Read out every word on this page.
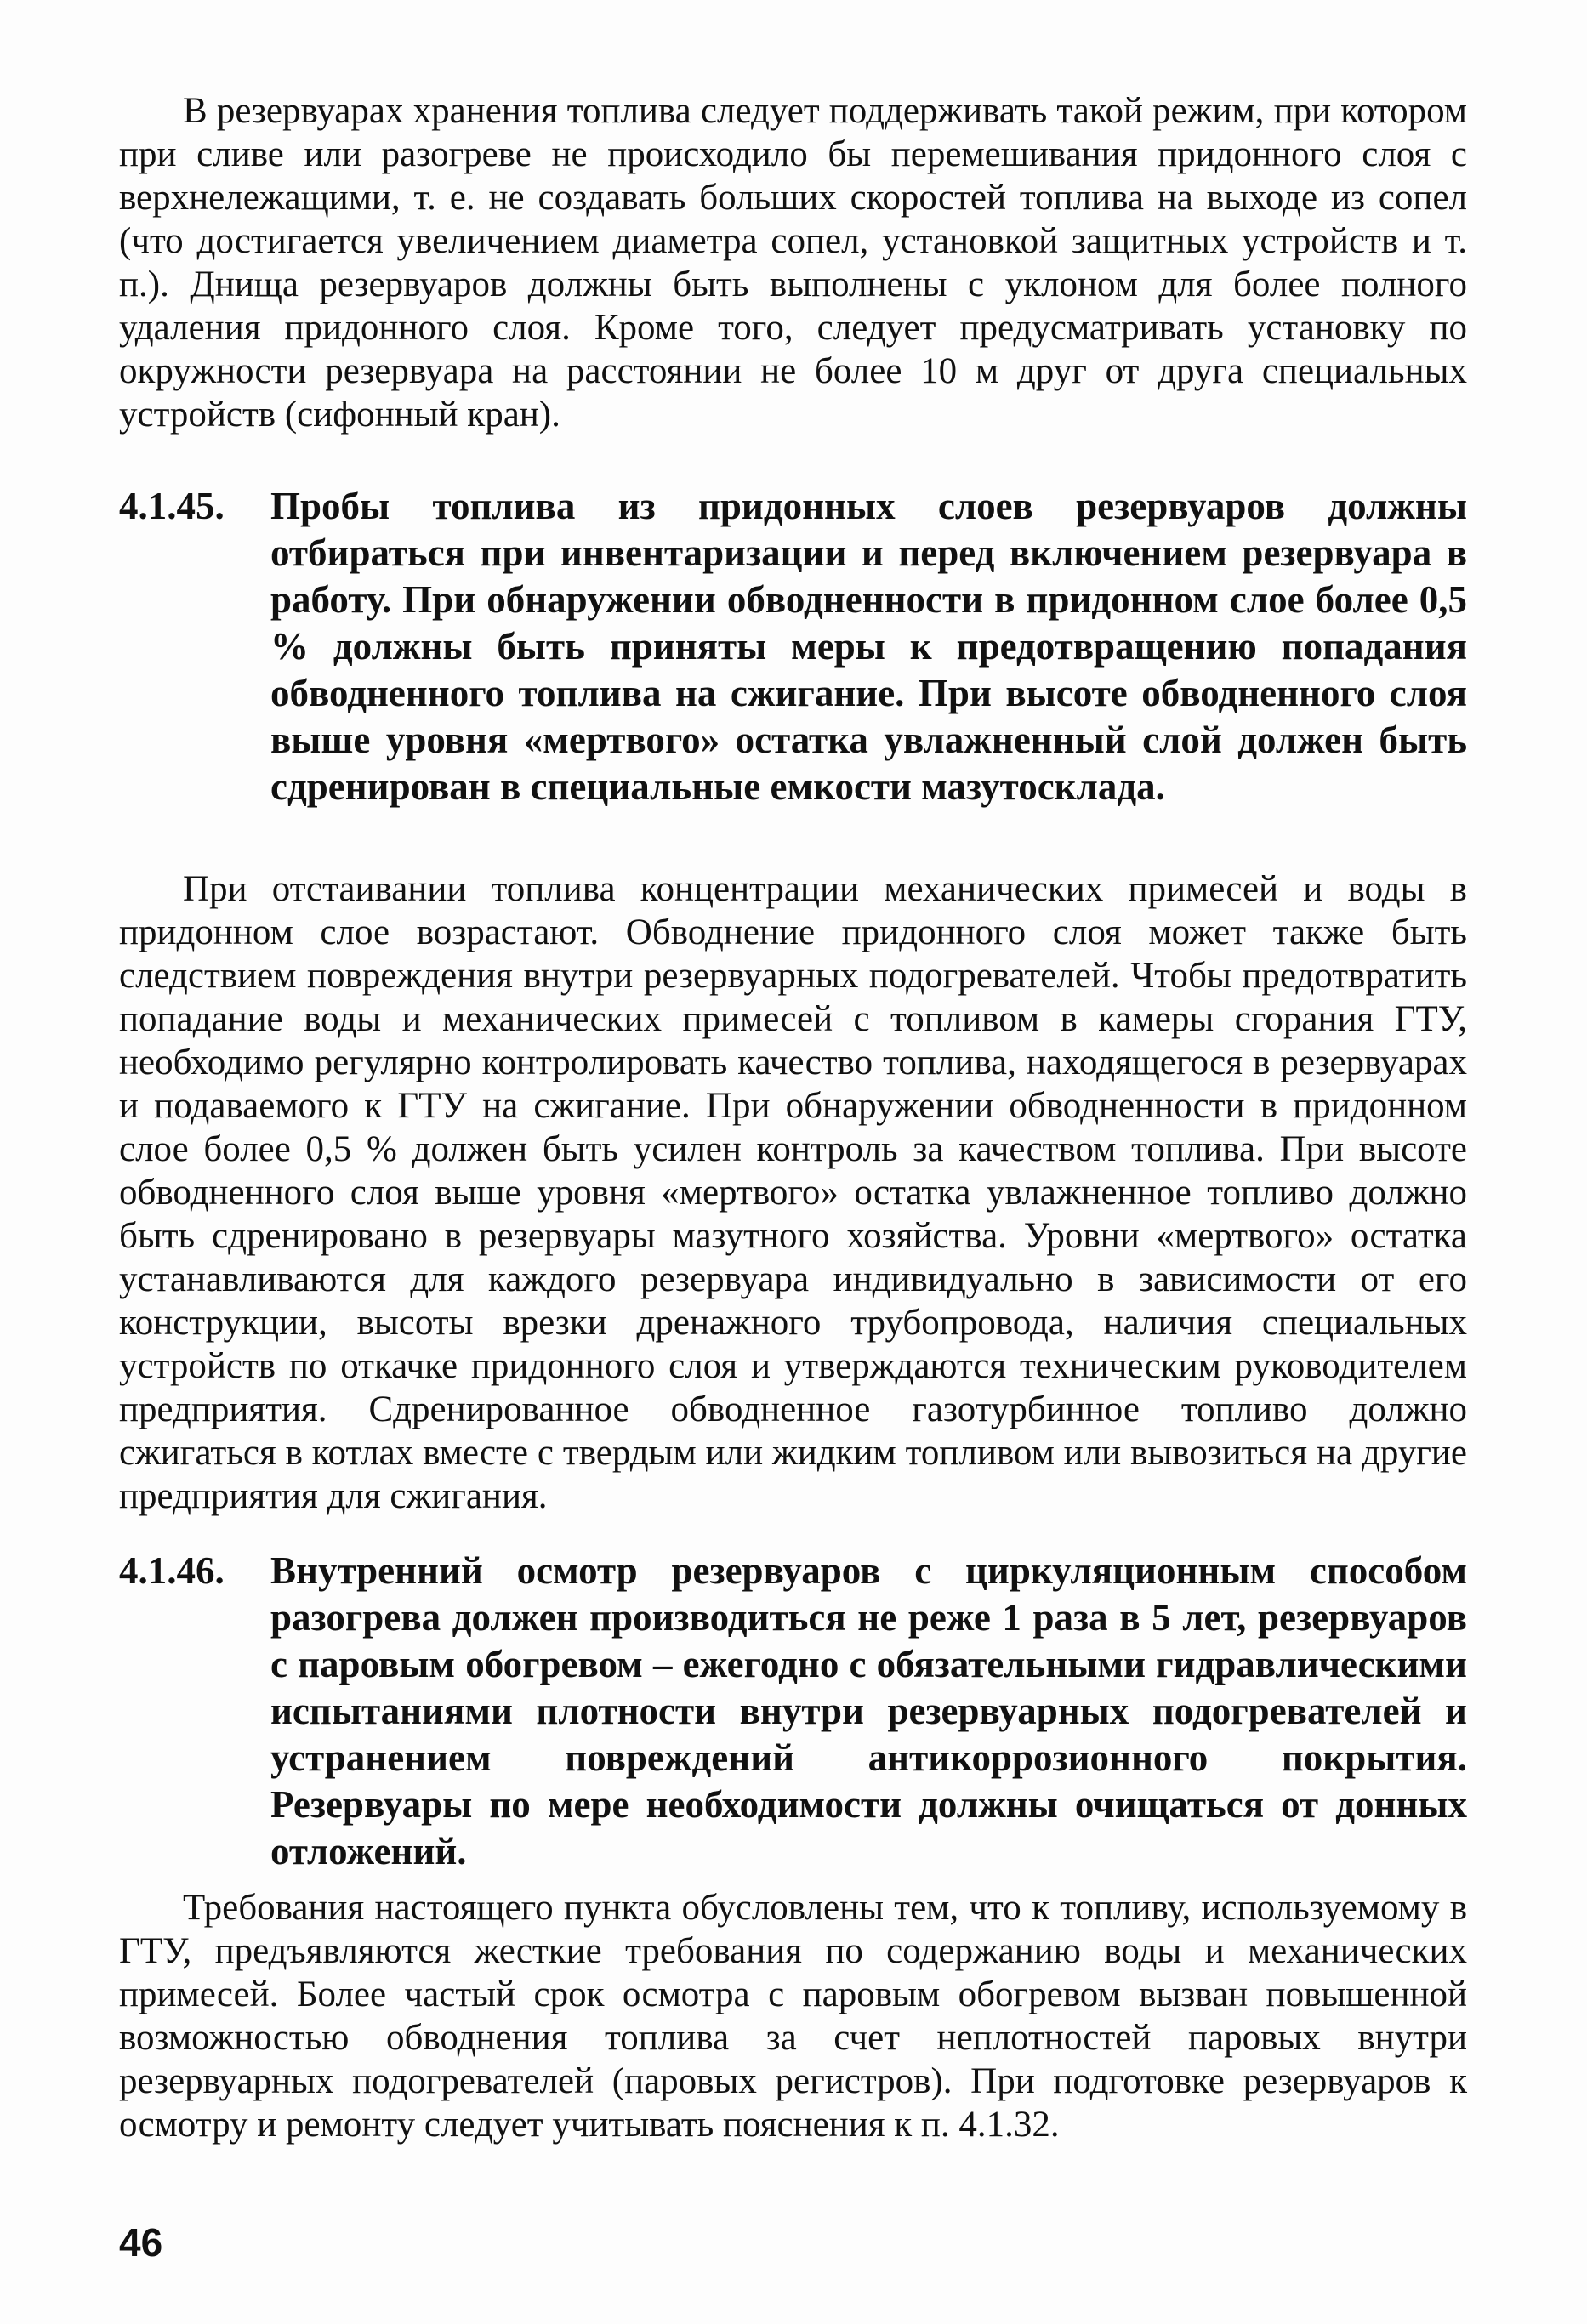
В резервуарах хранения топлива следует поддерживать такой режим, при котором при сливе или разогреве не происходило бы перемешивания придонного слоя с верхнележащими, т. е. не создавать больших скоростей топлива на выходе из сопел (что достигается увеличением диаметра сопел, установкой защитных устройств и т. п.). Днища резервуаров должны быть выполнены с уклоном для более полного удаления придонного слоя. Кроме того, следует предусматривать установку по окружности резервуара на расстоянии не более 10 м друг от друга специальных устройств (сифонный кран).

4.1.45.	Пробы топлива из придонных слоев резервуаров должны отбираться при инвентаризации и перед включением резервуара в работу. При обнаружении обводненности в придонном слое более 0,5 % должны быть приняты меры к предотвращению попадания обводненного топлива на сжигание. При высоте обводненного слоя выше уровня «мертвого» остатка увлажненный слой должен быть сдренирован в специальные емкости мазутосклада.

При отстаивании топлива концентрации механических примесей и воды в придонном слое возрастают. Обводнение придонного слоя может также быть следствием повреждения внутри резервуарных подогревателей. Чтобы предотвратить попадание воды и механических примесей с топливом в камеры сгорания ГТУ, необходимо регулярно контролировать качество топлива, находящегося в резервуарах и подаваемого к ГТУ на сжигание. При обнаружении обводненности в придонном слое более 0,5 % должен быть усилен контроль за качеством топлива. При высоте обводненного слоя выше уровня «мертвого» остатка увлажненное топливо должно быть сдренировано в резервуары мазутного хозяйства. Уровни «мертвого» остатка устанавливаются для каждого резервуара индивидуально в зависимости от его конструкции, высоты врезки дренажного трубопровода, наличия специальных устройств по откачке придонного слоя и утверждаются техническим руководителем предприятия. Сдренированное обводненное газотурбинное топливо должно сжигаться в котлах вместе с твердым или жидким топливом или вывозиться на другие предприятия для сжигания.

4.1.46.	Внутренний осмотр резервуаров с циркуляционным способом разогрева должен производиться не реже 1 раза в 5 лет, резервуаров с паровым обогревом – ежегодно с обязательными гидравлическими испытаниями плотности внутри резервуарных подогревателей и устранением повреждений антикоррозионного покрытия. Резервуары по мере необходимости должны очищаться от донных отложений.

Требования настоящего пункта обусловлены тем, что к топливу, используемому в ГТУ, предъявляются жесткие требования по содержанию воды и механических примесей. Более частый срок осмотра с паровым обогревом вызван повышенной возможностью обводнения топлива за счет неплотностей паровых внутри резервуарных подогревателей (паровых регистров). При подготовке резервуаров к осмотру и ремонту следует учитывать пояснения к п. 4.1.32.

46
